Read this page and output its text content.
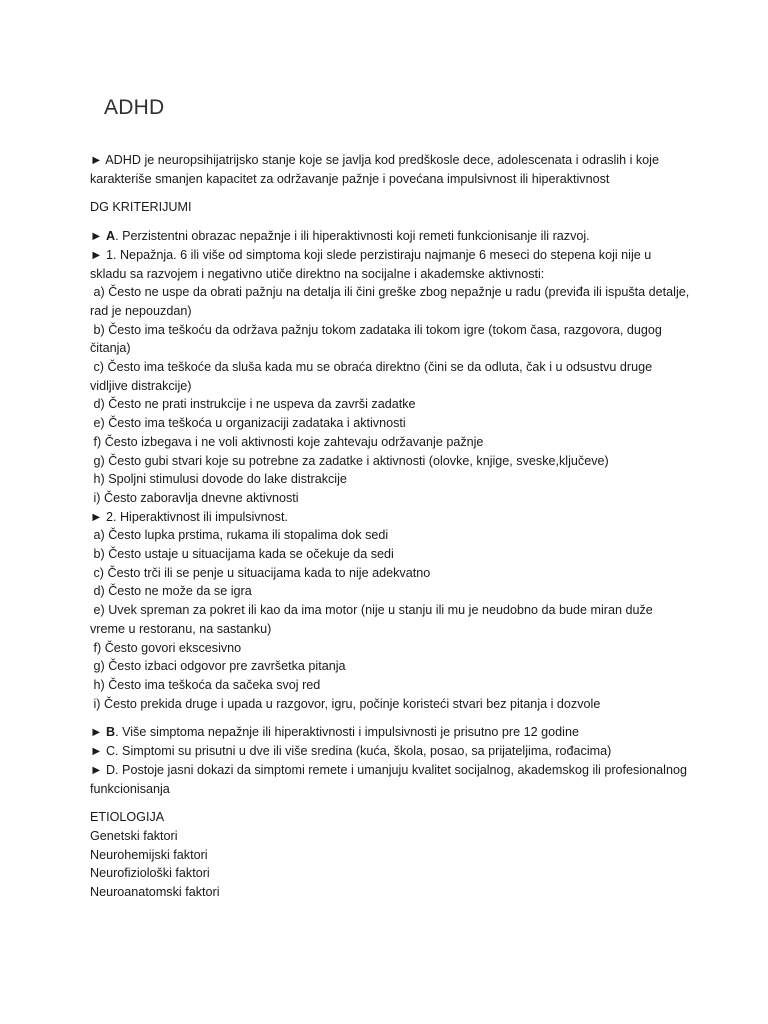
ADHD

► ADHD je neuropsihijatrijsko stanje koje se javlja kod predškosle dece, adolescenata i odraslih i koje karakteriše smanjen kapacitet za održavanje pažnje i povećana impulsivnost ili hiperaktivnost

DG KRITERIJUMI

► A. Perzistentni obrazac nepažnje i ili hiperaktivnosti koji remeti funkcionisanje ili razvoj.

► 1. Nepažnja. 6 ili više od simptoma koji slede perzistiraju najmanje 6 meseci do stepena koji nije u skladu sa razvojem i negativno utiče direktno na socijalne i akademske aktivnosti:

a) Često ne uspe da obrati pažnju na detalja ili čini greške zbog nepažnje u radu (previđa ili ispušta detalje, rad je nepouzdan)

b) Često ima teškoću da održava pažnju tokom zadataka ili tokom igre (tokom časa, razgovora, dugog čitanja)

c) Često ima teškoće da sluša kada mu se obraća direktno (čini se da odluta, čak i u odsustvu druge vidljive distrakcije)

d) Često ne prati instrukcije i ne uspeva da završi zadatke

e) Često ima teškoća u organizaciji zadataka i aktivnosti

f) Često izbegava i ne voli aktivnosti koje zahtevaju održavanje pažnje

g) Često gubi stvari koje su potrebne za zadatke i aktivnosti (olovke, knjige, sveske,ključeve)

h) Spoljni stimulusi dovode do lake distrakcije

i) Često zaboravlja dnevne aktivnosti

► 2. Hiperaktivnost ili impulsivnost.

a) Često lupka prstima, rukama ili stopalima dok sedi

b) Često ustaje u situacijama kada se očekuje da sedi

c) Često trči ili se penje u situacijama kada to nije adekvatno

d) Često ne može da se igra

e) Uvek spreman za pokret ili kao da ima motor (nije u stanju ili mu je neudobno da bude miran duže vreme u restoranu, na sastanku)

f) Često govori ekscesivno

g) Često izbaci odgovor pre završetka pitanja

h) Često ima teškoća da sačeka svoj red

i) Često prekida druge i upada u razgovor, igru, počinje koristeći stvari bez pitanja i dozvole

► B. Više simptoma nepažnje ili hiperaktivnosti i impulsivnosti je prisutno pre 12 godine

► C. Simptomi su prisutni u dve ili više sredina (kuća, škola, posao, sa prijateljima, rođacima)

► D. Postoje jasni dokazi da simptomi remete i umanjuju kvalitet socijalnog, akademskog ili profesionalnog funkcionisanja

ETIOLOGIJA

Genetski faktori

Neurohemijski faktori

Neurofiziološki faktori

Neuroanatomski faktori
